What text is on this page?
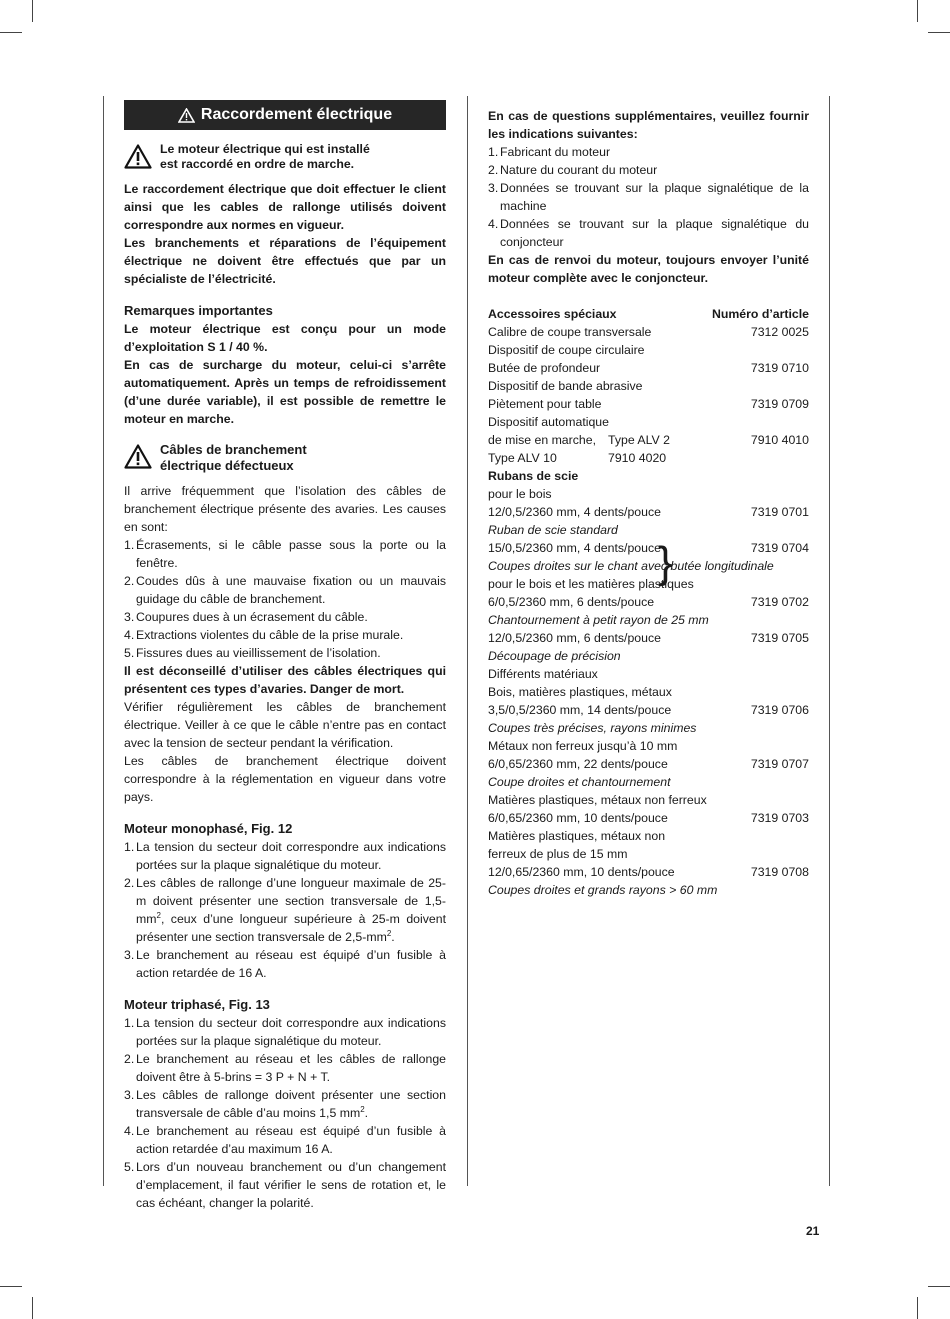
Raccordement électrique
Le moteur électrique qui est installé
est raccordé en ordre de marche.

Le raccordement électrique que doit effectuer le client ainsi que les cables de rallonge utilisés doivent correspondre aux normes en vigueur.

Les branchements et réparations de l’équipement électrique ne doivent être effectués que par un spécialiste de l’électricité.

Remarques importantes

Le moteur électrique est conçu pour un mode d’exploitation S 1 / 40 %.

En cas de surcharge du moteur, celui-ci s’arrête automatiquement. Après un temps de refroidissement (d’une durée variable), il est possible de remettre le moteur en marche.

Câbles de branchement
électrique défectueux

Il arrive fréquemment que l’isolation des câbles de branchement électrique présente des avaries. Les causes en sont:

1. Écrasements, si le câble passe sous la porte ou la fenêtre.
2. Coudes dûs à une mauvaise fixation ou un mauvais guidage du câble de branchement.
3. Coupures dues à un écrasement du câble.
4. Extractions violentes du câble de la prise murale.
5. Fissures dues au vieillissement de l’isolation.

Il est déconseillé d’utiliser des câbles électriques qui présentent ces types d’avaries. Danger de mort.

Vérifier régulièrement les câbles de branchement électrique. Veiller à ce que le câble n’entre pas en contact avec la tension de secteur pendant la vérification.

Les câbles de branchement électrique doivent correspondre à la réglementation en vigueur dans votre pays.

Moteur monophasé, Fig. 12
1. La tension du secteur doit correspondre aux indications portées sur la plaque signalétique du moteur.
2. Les câbles de rallonge d’une longueur maximale de 25-m doivent présenter une section transversale de $1,5-mm^2$, ceux d’une longueur supérieure à 25-m doivent présenter une section transversale de $2,5-mm^2$.
3. Le branchement au réseau est équipé d’un fusible à action retardée de 16 A.
Moteur triphasé, Fig. 13
1. La tension du secteur doit correspondre aux indications portées sur la plaque signalétique du moteur.
2. Le branchement au réseau et les câbles de rallonge doivent être à 5-brins = 3 P + N + T.
3. Les câbles de rallonge doivent présenter une section transversale de câble d’au moins 1,5 $mm^2$.
4. Le branchement au réseau est équipé d’un fusible à action retardée d’au maximum 16 A.
5. Lors d’un nouveau branchement ou d’un changement d’emplacement, il faut vérifier le sens de rotation et, le cas échéant, changer la polarité.

En cas de questions supplémentaires, veuillez fournir les indications suivantes:

1. Fabricant du moteur
2. Nature du courant du moteur
3. Données se trouvant sur la plaque signalétique de la machine
4. Données se trouvant sur la plaque signalétique du conjoncteur

En cas de renvoi du moteur, toujours envoyer l’unité moteur complète avec le conjoncteur.

Accessoires spéciaux	Numéro d’article
Calibre de coupe transversale	7312 0025
Dispositif de coupe circulaire
Butée de profondeur	7319 0710
Dispositif de bande abrasive
}
Piètement pour table	7319 0709
Dispositif automatique
de mise en marche, Type ALV 2	7910 4010
Type ALV 10	7910 4020
Rubans de scie
pour le bois
12/0,5/2360 mm, 4 dents/pouce	7319 0701
Ruban de scie standard
15/0,5/2360 mm, 4 dents/pouce	7319 0704
Coupes droites sur le chant avec butée longitudinale
pour le bois et les matières plastiques
6/0,5/2360 mm, 6 dents/pouce	7319 0702
Chantournement à petit rayon de 25 mm
12/0,5/2360 mm, 6 dents/pouce	7319 0705
Découpage de précision
Différents matériaux
Bois, matières plastiques, métaux
3,5/0,5/2360 mm, 14 dents/pouce	7319 0706
Coupes très précises, rayons minimes
Métaux non ferreux jusqu’à 10 mm
6/0,65/2360 mm, 22 dents/pouce	7319 0707
Coupe droites et chantournement
Matières plastiques, métaux non ferreux
6/0,65/2360 mm, 10 dents/pouce	7319 0703
Matières plastiques, métaux non
ferreux de plus de 15 mm
12/0,65/2360 mm, 10 dents/pouce	7319 0708
Coupes droites et grands rayons > 60 mm
21
